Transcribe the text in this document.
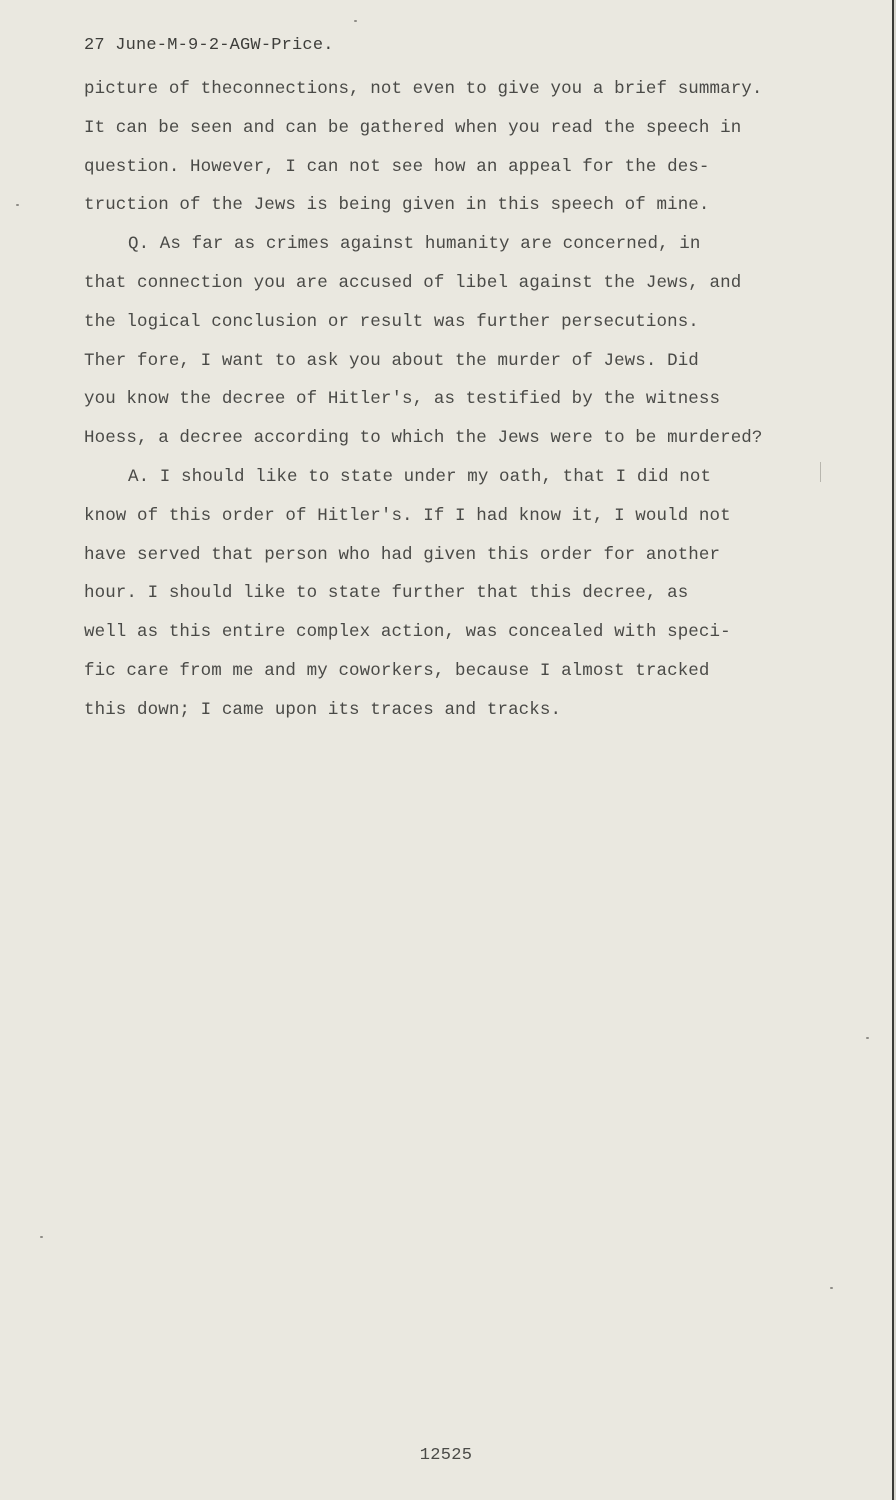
27 June-M-9-2-AGW-Price.
picture of theconnections, not even to give you a brief summary.
It can be seen and can be gathered when you read the speech in
question. However, I can not see how an appeal for the des-
truction of the Jews is being given in this speech of mine.
Q. As far as crimes against humanity are concerned, in
that connection you are accused of libel against the Jews, and
the logical conclusion or result was further persecutions.
Ther fore, I want to ask you about the murder of Jews. Did
you know the decree of Hitler's, as testified by the witness
Hoess, a decree according to which the Jews were to be murdered?
A. I should like to state under my oath, that I did not
know of this order of Hitler's. If I had know it, I would not
have served that person who had given this order for another
hour. I should like to state further that this decree, as
well as this entire complex action, was concealed with speci-
fic care from me and my coworkers, because I almost tracked
this down; I came upon its traces and tracks.
12525
